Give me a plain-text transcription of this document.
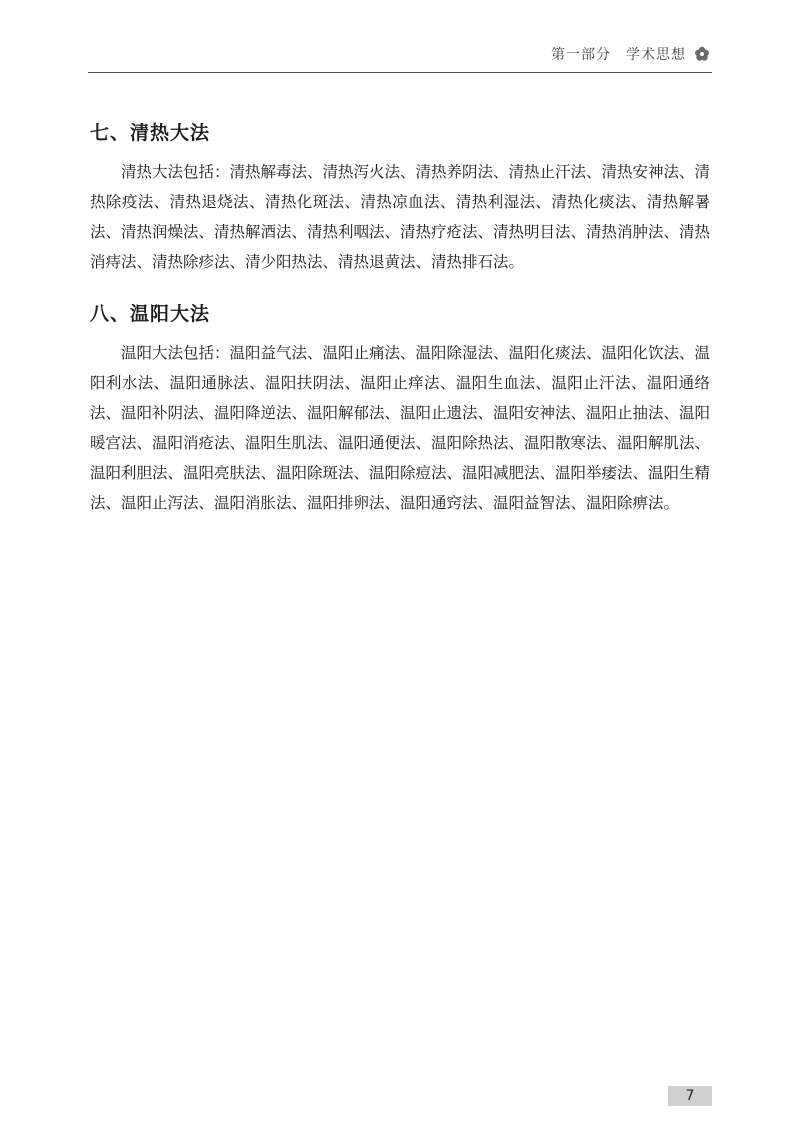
第一部分　学术思想
七、清热大法

清热大法包括：清热解毒法、清热泻火法、清热养阴法、清热止汗法、清热安神法、清热除疫法、清热退烧法、清热化斑法、清热凉血法、清热利湿法、清热化痰法、清热解暑法、清热润燥法、清热解酒法、清热利咽法、清热疗疮法、清热明目法、清热消肿法、清热消痔法、清热除疹法、清少阳热法、清热退黄法、清热排石法。

八、温阳大法

温阳大法包括：温阳益气法、温阳止痛法、温阳除湿法、温阳化痰法、温阳化饮法、温阳利水法、温阳通脉法、温阳扶阴法、温阳止痒法、温阳生血法、温阳止汗法、温阳通络法、温阳补阴法、温阳降逆法、温阳解郁法、温阳止遗法、温阳安神法、温阳止抽法、温阳暖宫法、温阳消疮法、温阳生肌法、温阳通便法、温阳除热法、温阳散寒法、温阳解肌法、温阳利胆法、温阳亮肤法、温阳除斑法、温阳除痘法、温阳减肥法、温阳举痿法、温阳生精法、温阳止泻法、温阳消胀法、温阳排卵法、温阳通窍法、温阳益智法、温阳除痹法。

7
